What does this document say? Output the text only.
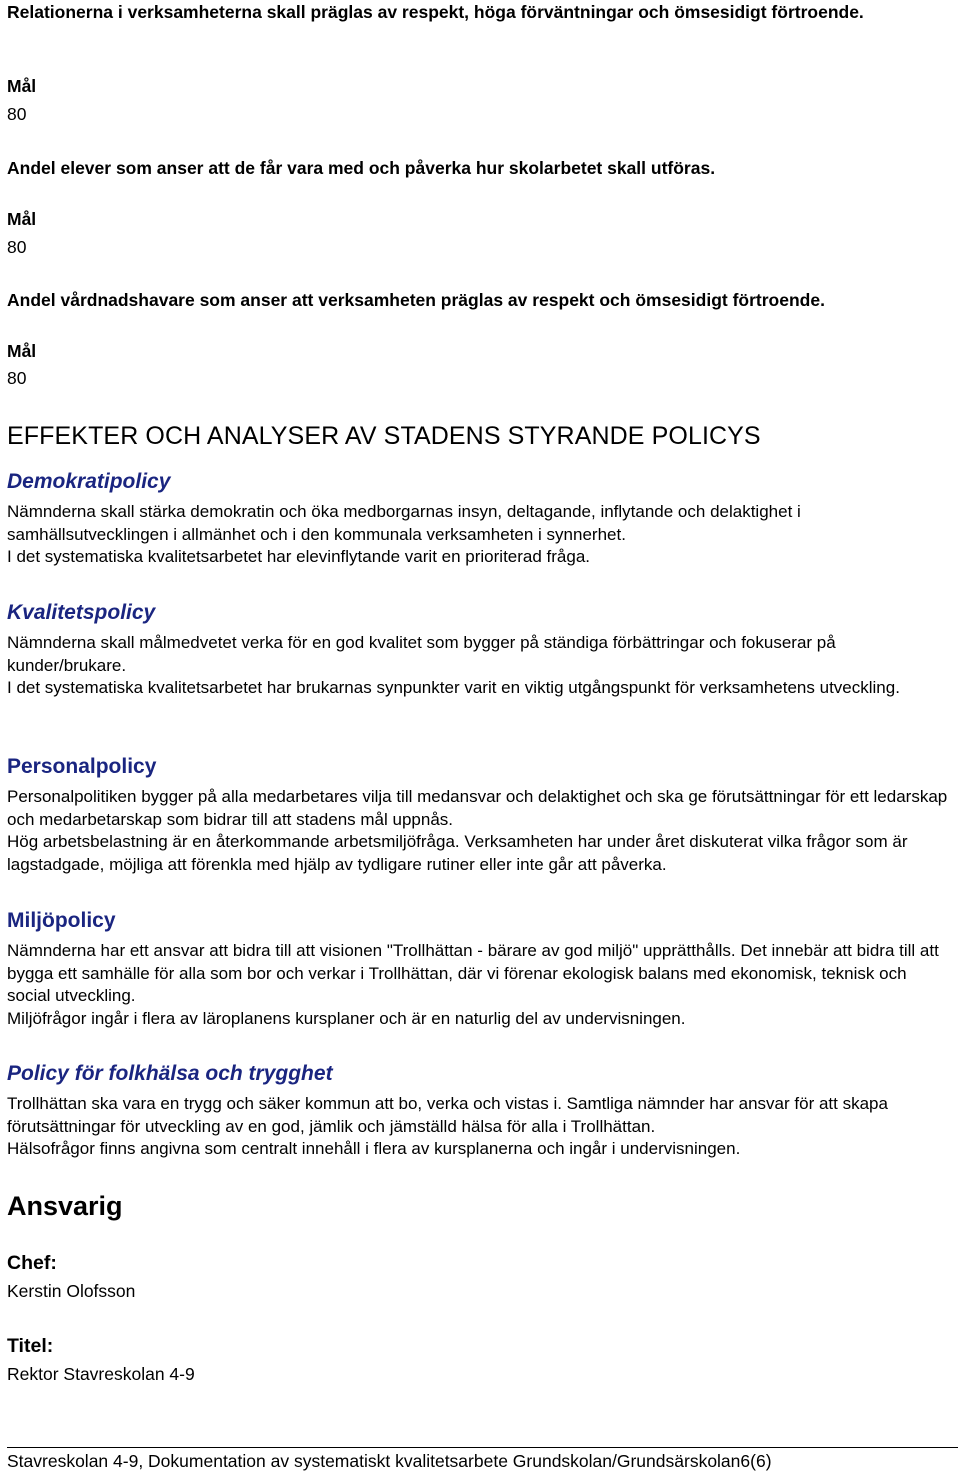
Relationerna i verksamheterna skall präglas av respekt, höga förväntningar och ömsesidigt förtroende.

Mål

80

Andel elever som anser att de får vara med och påverka hur skolarbetet skall utföras.

Mål

80

Andel vårdnadshavare som anser att verksamheten präglas av respekt och ömsesidigt förtroende.

Mål

80

EFFEKTER OCH ANALYSER AV STADENS STYRANDE POLICYS
Demokratipolicy
Nämnderna skall stärka demokratin och öka medborgarnas insyn, deltagande, inflytande och delaktighet i samhällsutvecklingen i allmänhet och i den kommunala verksamheten i synnerhet.
I det systematiska kvalitetsarbetet har elevinflytande varit en prioriterad fråga.
Kvalitetspolicy
Nämnderna skall målmedvetet verka för en god kvalitet som bygger på ständiga förbättringar och fokuserar på kunder/brukare.
I det systematiska kvalitetsarbetet har brukarnas synpunkter varit en viktig utgångspunkt för verksamhetens utveckling.
Personalpolicy
Personalpolitiken bygger på alla medarbetares vilja till medansvar och delaktighet och ska ge förutsättningar för ett ledarskap och medarbetarskap som bidrar till att stadens mål uppnås.
Hög arbetsbelastning är en återkommande arbetsmiljöfråga. Verksamheten har under året diskuterat vilka frågor som är lagstadgade, möjliga att förenkla med hjälp av tydligare rutiner eller inte går att påverka.
Miljöpolicy
Nämnderna har ett ansvar att bidra till att visionen "Trollhättan - bärare av god miljö" upprätthålls. Det innebär att bidra till att bygga ett samhälle för alla som bor och verkar i Trollhättan, där vi förenar ekologisk balans med ekonomisk, teknisk och social utveckling.
Miljöfrågor ingår i flera av läroplanens kursplaner och är en naturlig del av undervisningen.
Policy för folkhälsa och trygghet
Trollhättan ska vara en trygg och säker kommun att bo, verka och vistas i. Samtliga nämnder har ansvar för att skapa förutsättningar för utveckling av en god, jämlik och jämställd hälsa för alla i Trollhättan.
Hälsofrågor finns angivna som centralt innehåll i flera av kursplanerna och ingår i undervisningen.
Ansvarig
Chef:

Kerstin Olofsson

Titel:

Rektor Stavreskolan 4-9

Stavreskolan 4-9, Dokumentation av systematiskt kvalitetsarbete Grundskolan/Grundsärskolan6(6)
